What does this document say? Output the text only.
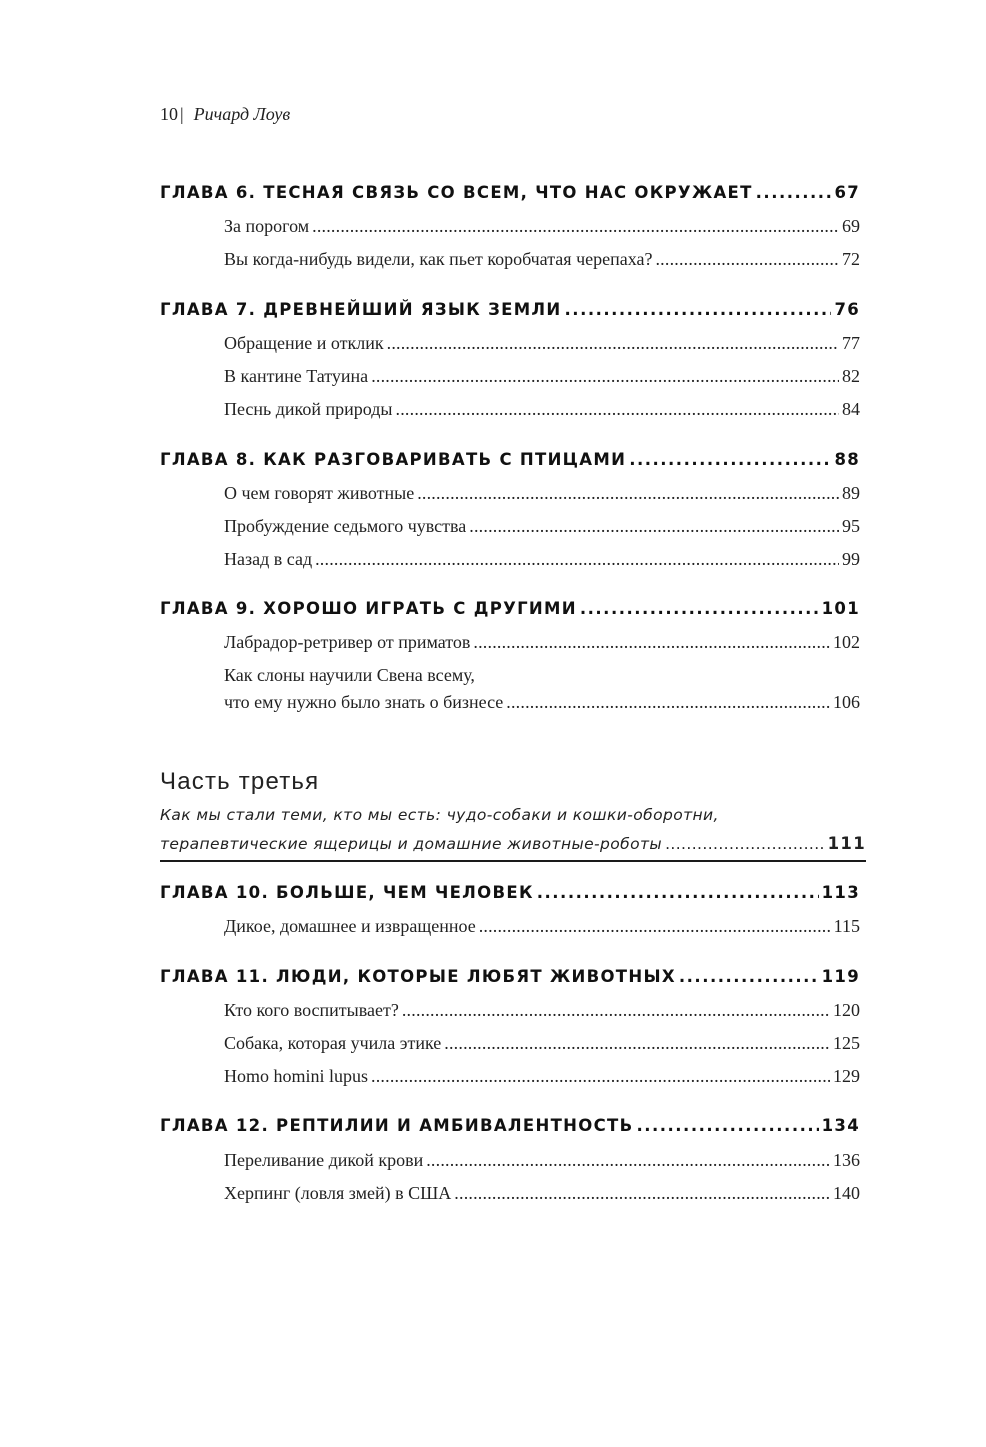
10 | Ричард Лоув
ГЛАВА 6. ТЕСНАЯ СВЯЗЬ СО ВСЕМ, ЧТО НАС ОКРУЖАЕТ .....	67
За порогом .....	69
Вы когда-нибудь видели, как пьет коробчатая черепаха? .....	72
ГЛАВА 7. ДРЕВНЕЙШИЙ ЯЗЫК ЗЕМЛИ .....	76
Обращение и отклик .....	77
В кантине Татуина .....	82
Песнь дикой природы .....	84
ГЛАВА 8. КАК РАЗГОВАРИВАТЬ С ПТИЦАМИ .....	88
О чем говорят животные .....	89
Пробуждение седьмого чувства .....	95
Назад в сад .....	99
ГЛАВА 9. ХОРОШО ИГРАТЬ С ДРУГИМИ .....	101
Лабрадор-ретривер от приматов .....	102
Как слоны научили Свена всему,
что ему нужно было знать о бизнесе .....	106
Часть третья
Как мы стали теми, кто мы есть: чудо-собаки и кошки-оборотни,
терапевтические ящерицы и домашние животные-роботы .....	111
ГЛАВА 10. БОЛЬШЕ, ЧЕМ ЧЕЛОВЕК .....	113
Дикое, домашнее и извращенное .....	115
ГЛАВА 11. ЛЮДИ, КОТОРЫЕ ЛЮБЯТ ЖИВОТНЫХ .....	119
Кто кого воспитывает? .....	120
Собака, которая учила этике .....	125
Homo homini lupus .....	129
ГЛАВА 12. РЕПТИЛИИ И АМБИВАЛЕНТНОСТЬ .....	134
Переливание дикой крови .....	136
Херпинг (ловля змей) в США .....	140
